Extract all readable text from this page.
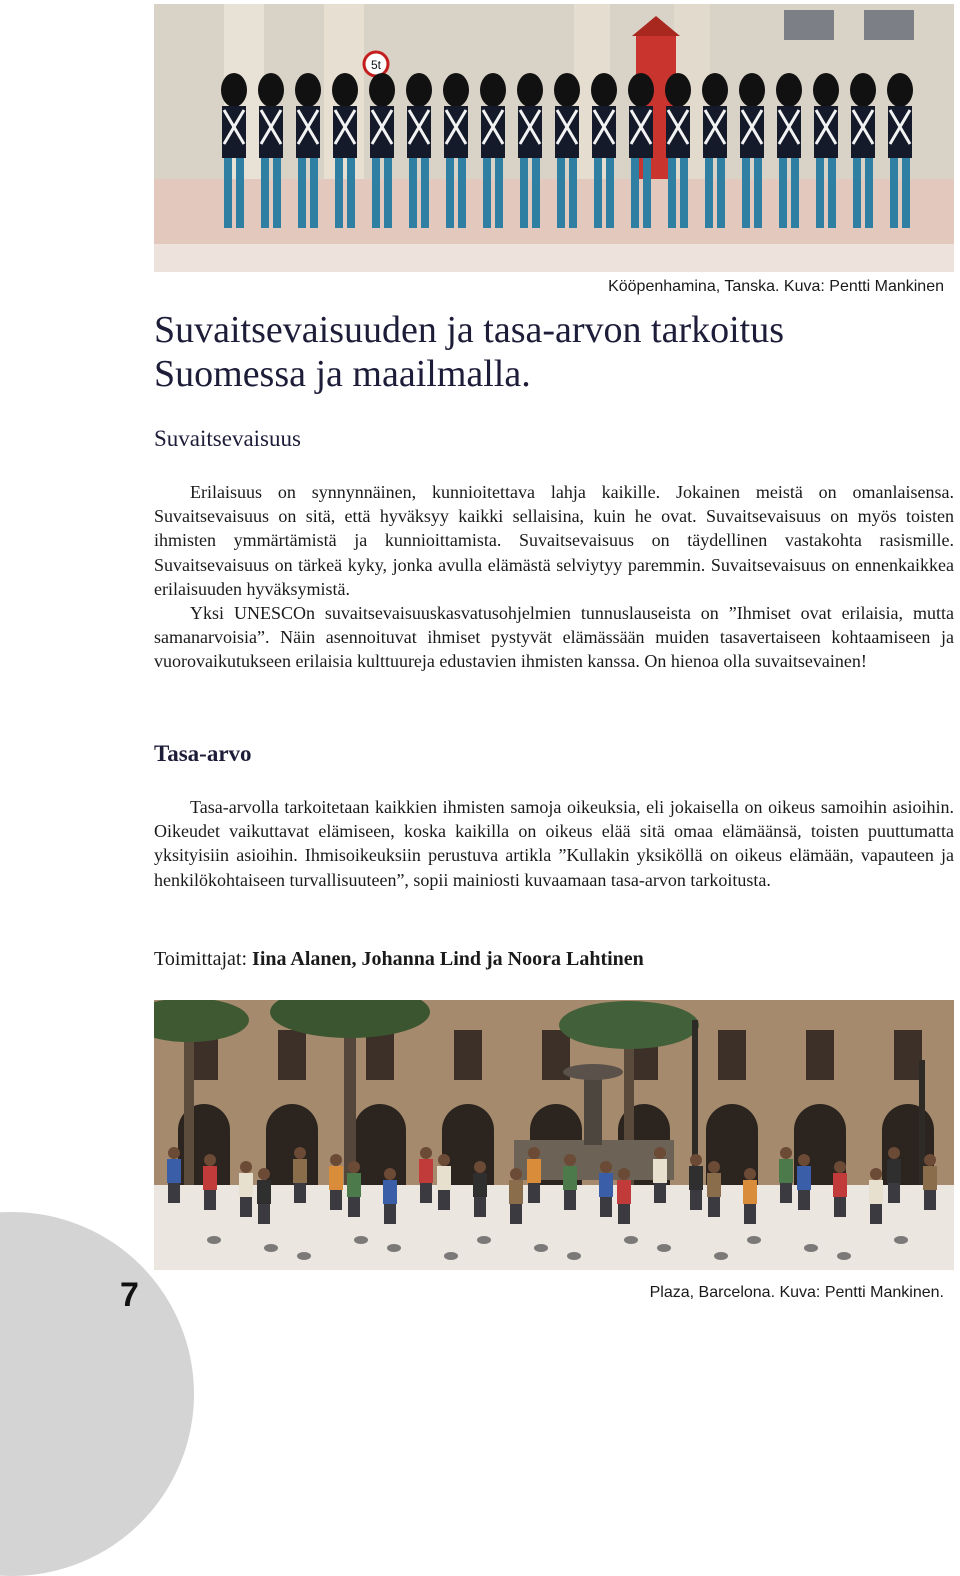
5t
Kööpenhamina, Tanska. Kuva: Pentti Mankinen
Suvaitsevaisuuden ja tasa-arvon tarkoitus
Suomessa ja maailmalla.
Suvaitsevaisuus

Erilaisuus on synnynnäinen, kunnioitettava lahja kaikille. Jokainen meistä on omanlaisensa. Suvaitsevaisuus on sitä, että hyväksyy kaikki sellaisina, kuin he ovat. Suvaitsevaisuus on myös toisten ihmisten ymmärtämistä ja kunnioittamista. Suvaitsevaisuus on täydellinen vastakohta rasismille. Suvaitsevaisuus on tärkeä kyky, jonka avulla elämästä selviytyy paremmin. Suvaitsevaisuus on ennenkaikkea erilaisuuden hyväksymistä.

Yksi UNESCOn suvaitsevaisuuskasvatusohjelmien tunnuslauseista on ”Ihmiset ovat erilaisia, mutta samanarvoisia”. Näin asennoituvat ihmiset pystyvät elämässään muiden tasavertaiseen kohtaamiseen ja vuorovaikutukseen erilaisia kulttuureja edustavien ihmisten kanssa. On hienoa olla suvaitsevainen!

Tasa-arvo

Tasa-arvolla tarkoitetaan kaikkien ihmisten samoja oikeuksia, eli jokaisella on oikeus samoihin asioihin. Oikeudet vaikuttavat elämiseen, koska kaikilla on oikeus elää sitä omaa elämäänsä, toisten puuttumatta yksityisiin asioihin. Ihmisoikeuksiin perustuva artikla ”Kullakin yksiköllä on oikeus elämään, vapauteen ja henkilökohtaiseen turvallisuuteen”, sopii mainiosti kuvaamaan tasa-arvon tarkoitusta.

Toimittajat: Iina Alanen, Johanna Lind ja Noora Lahtinen
Plaza, Barcelona. Kuva: Pentti Mankinen.
7
